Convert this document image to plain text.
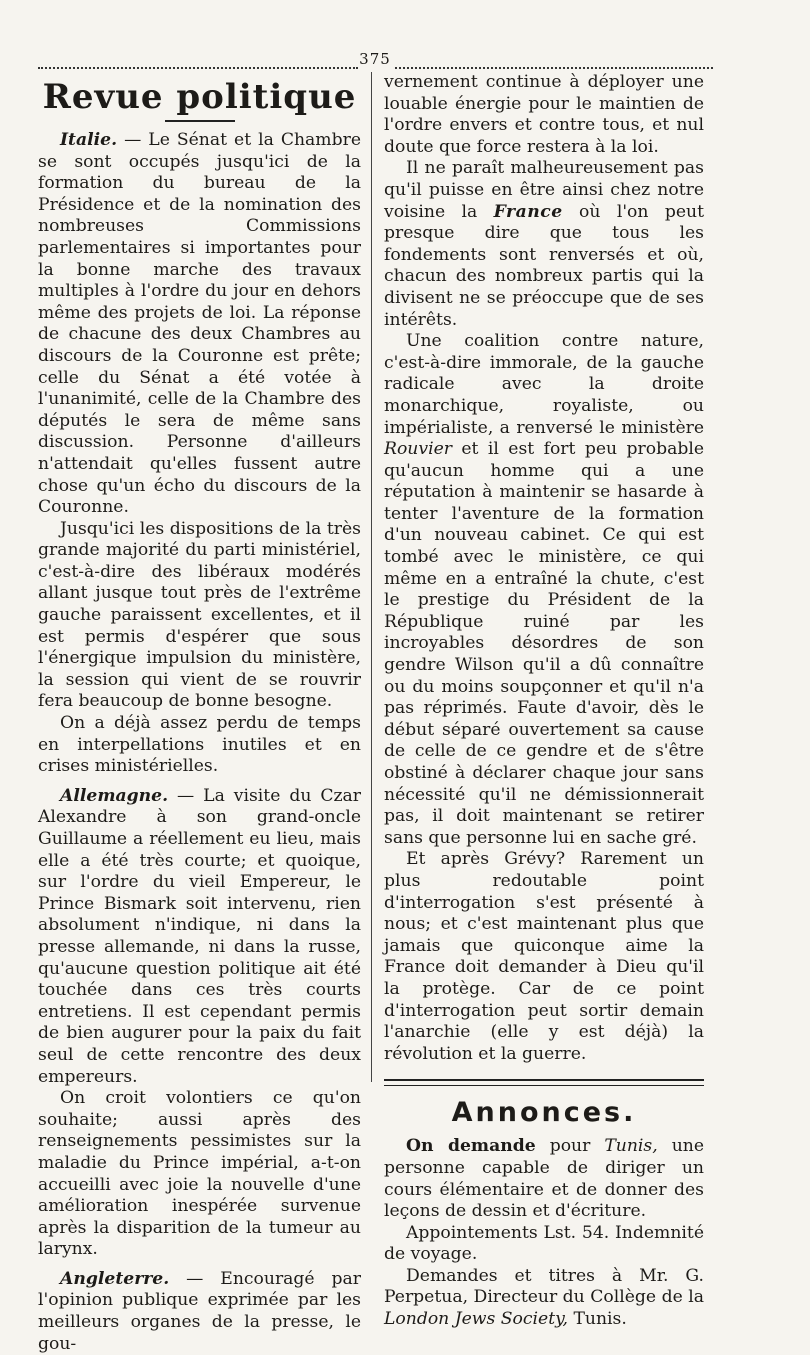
375
Revue politique

Italie. — Le Sénat et la Chambre se sont occupés jusqu'ici de la formation du bureau de la Présidence et de la nomination des nombreuses Commissions parlementaires si importantes pour la bonne marche des travaux multiples à l'ordre du jour en dehors même des projets de loi. La réponse de chacune des deux Chambres au discours de la Couronne est prête; celle du Sénat a été votée à l'unanimité, celle de la Chambre des députés le sera de même sans discussion. Personne d'ailleurs n'attendait qu'elles fussent autre chose qu'un écho du discours de la Couronne.

Jusqu'ici les dispositions de la très grande majorité du parti ministériel, c'est-à-dire des libéraux modérés allant jusque tout près de l'extrême gauche paraissent excellentes, et il est permis d'espérer que sous l'énergique impulsion du ministère, la session qui vient de se rouvrir fera beaucoup de bonne besogne.

On a déjà assez perdu de temps en interpellations inutiles et en crises ministérielles.

Allemagne. — La visite du Czar Alexandre à son grand-oncle Guillaume a réellement eu lieu, mais elle a été très courte; et quoique, sur l'ordre du vieil Empereur, le Prince Bismark soit intervenu, rien absolument n'indique, ni dans la presse allemande, ni dans la russe, qu'aucune question politique ait été touchée dans ces très courts entretiens. Il est cependant permis de bien augurer pour la paix du fait seul de cette rencontre des deux empereurs.

On croit volontiers ce qu'on souhaite; aussi après des renseignements pessimistes sur la maladie du Prince impérial, a-t-on accueilli avec joie la nouvelle d'une amélioration inespérée survenue après la disparition de la tumeur au larynx.

Angleterre. — Encouragé par l'opinion publique exprimée par les meilleurs organes de la presse, le gou-

vernement continue à déployer une louable énergie pour le maintien de l'ordre envers et contre tous, et nul doute que force restera à la loi.

Il ne paraît malheureusement pas qu'il puisse en être ainsi chez notre voisine la France où l'on peut presque dire que tous les fondements sont renversés et où, chacun des nombreux partis qui la divisent ne se préoccupe que de ses intérêts.

Une coalition contre nature, c'est-à-dire immorale, de la gauche radicale avec la droite monarchique, royaliste, ou impérialiste, a renversé le ministère Rouvier et il est fort peu probable qu'aucun homme qui a une réputation à maintenir se hasarde à tenter l'aventure de la formation d'un nouveau cabinet. Ce qui est tombé avec le ministère, ce qui même en a entraîné la chute, c'est le prestige du Président de la République ruiné par les incroyables désordres de son gendre Wilson qu'il a dû connaître ou du moins soupçonner et qu'il n'a pas réprimés. Faute d'avoir, dès le début séparé ouvertement sa cause de celle de ce gendre et de s'être obstiné à déclarer chaque jour sans nécessité qu'il ne démissionnerait pas, il doit maintenant se retirer sans que personne lui en sache gré.

Et après Grévy? Rarement un plus redoutable point d'interrogation s'est présenté à nous; et c'est maintenant plus que jamais que quiconque aime la France doit demander à Dieu qu'il la protège. Car de ce point d'interrogation peut sortir demain l'anarchie (elle y est déjà) la révolution et la guerre.

Annonces.

On demande pour Tunis, une personne capable de diriger un cours élémentaire et de donner des leçons de dessin et d'écriture.

Appointements Lst. 54. Indemnité de voyage.

Demandes et titres à Mr. G. Perpetua, Directeur du Collège de la London Jews Society, Tunis.
